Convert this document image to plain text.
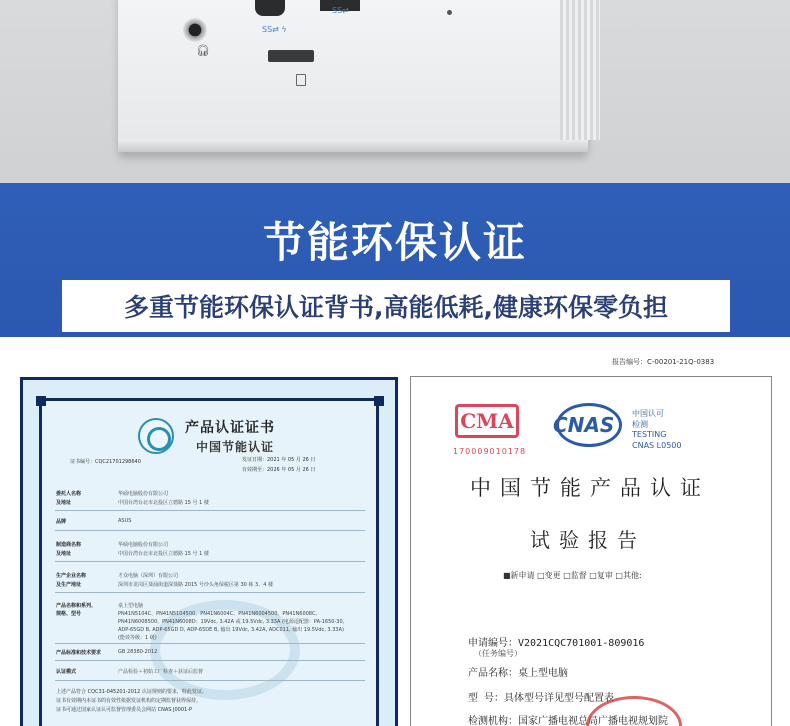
🎧︎
SS⇄ ϟ
SS⇄
节能环保认证
多重节能环保认证背书,高能低耗,健康环保零负担
报告编号：C-00201-21Q-0383
产品认证证书
中国节能认证
证书编号：CQC21701298640	发证日期：2021 年 05 月 26 日
有效期至：2026 年 05 月 26 日
委托人名称	华硕电脑股份有限公司
及地址	中国台湾台北市北投区立德路 15 号 1 楼
品牌	ASUS
制造商名称	华硕电脑股份有限公司
及地址	中国台湾台北市北投区立德路 15 号 1 楼
生产企业名称	才众电脑（深圳）有限公司
及生产地址	深圳市龙岗区葵涌街道深葵路 2015 号沙头角保税区第 30 栋 3、4 楼
产品名称和系列、	桌上型电脑
规格、型号	PN41N5104C、PN41N5104500、PN41N6004C、PN41N6004500、PN41N6008C、
PN41N6008500、PN41N6008D：19Vdc, 3.42A 或 19.5Vdc, 3.33A (电源适配器：PA-1650-30,
ADP-65GD B, ADP-65GD D, ADP-65DE B, 输出 19Vdc, 3.42A, ADC011, 输出 19.5Vdc, 3.33A)
(能效等级：1 级)
产品标准和技术要求	GB 28380-2012
认证模式	产品检验＋初始工厂检查＋获证后监督
上述产品符合 CQC31-045201-2012 认证规则的要求，特此发证。
证书有效期内本证书的有效性依据发证机构的定期监督获得保持。
证书可通过国家认证认可监督管理委员会网站 CNAS J0001-P
CMA
170009010178
CNAS 中国认可
检测
TESTING
CNAS L0500
中国节能产品认证
试验报告
■新申请 □变更 □监督 □复审 □其他:
申请编号：V2021CQC701001-809016
（任务编号）
产品名称：桌上型电脑
型 号：具体型号详见型号配置表
检测机构：国家广播电视总局广播电视规划院
